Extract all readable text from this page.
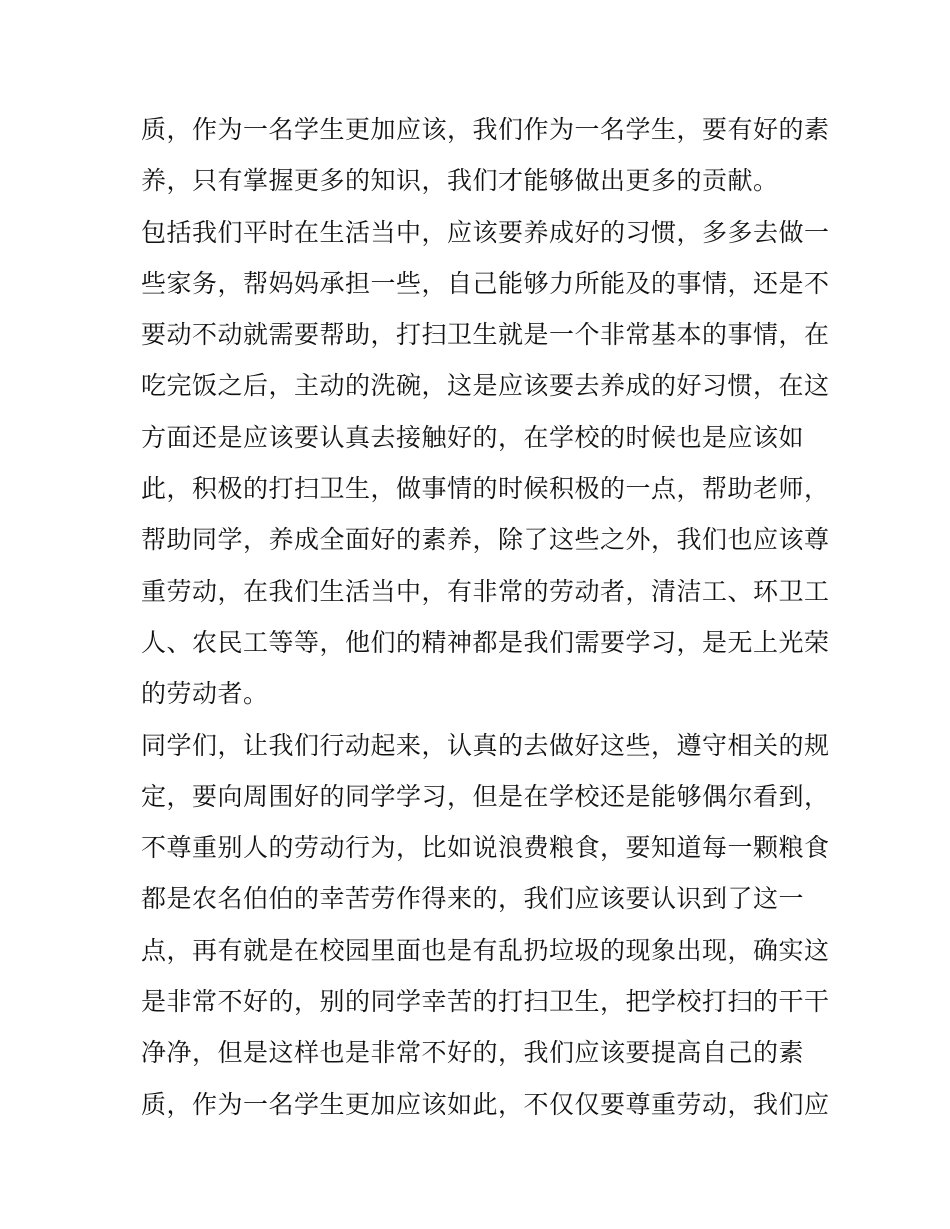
质，作为一名学生更加应该，我们作为一名学生，要有好的素
养，只有掌握更多的知识，我们才能够做出更多的贡献。
包括我们平时在生活当中，应该要养成好的习惯，多多去做一
些家务，帮妈妈承担一些，自己能够力所能及的事情，还是不
要动不动就需要帮助，打扫卫生就是一个非常基本的事情，在
吃完饭之后，主动的洗碗，这是应该要去养成的好习惯，在这
方面还是应该要认真去接触好的，在学校的时候也是应该如
此，积极的打扫卫生，做事情的时候积极的一点，帮助老师，
帮助同学，养成全面好的素养，除了这些之外，我们也应该尊
重劳动，在我们生活当中，有非常的劳动者，清洁工、环卫工
人、农民工等等，他们的精神都是我们需要学习，是无上光荣
的劳动者。
同学们，让我们行动起来，认真的去做好这些，遵守相关的规
定，要向周围好的同学学习，但是在学校还是能够偶尔看到，
不尊重别人的劳动行为，比如说浪费粮食，要知道每一颗粮食
都是农名伯伯的幸苦劳作得来的，我们应该要认识到了这一
点，再有就是在校园里面也是有乱扔垃圾的现象出现，确实这
是非常不好的，别的同学幸苦的打扫卫生，把学校打扫的干干
净净，但是这样也是非常不好的，我们应该要提高自己的素
质，作为一名学生更加应该如此，不仅仅要尊重劳动，我们应
